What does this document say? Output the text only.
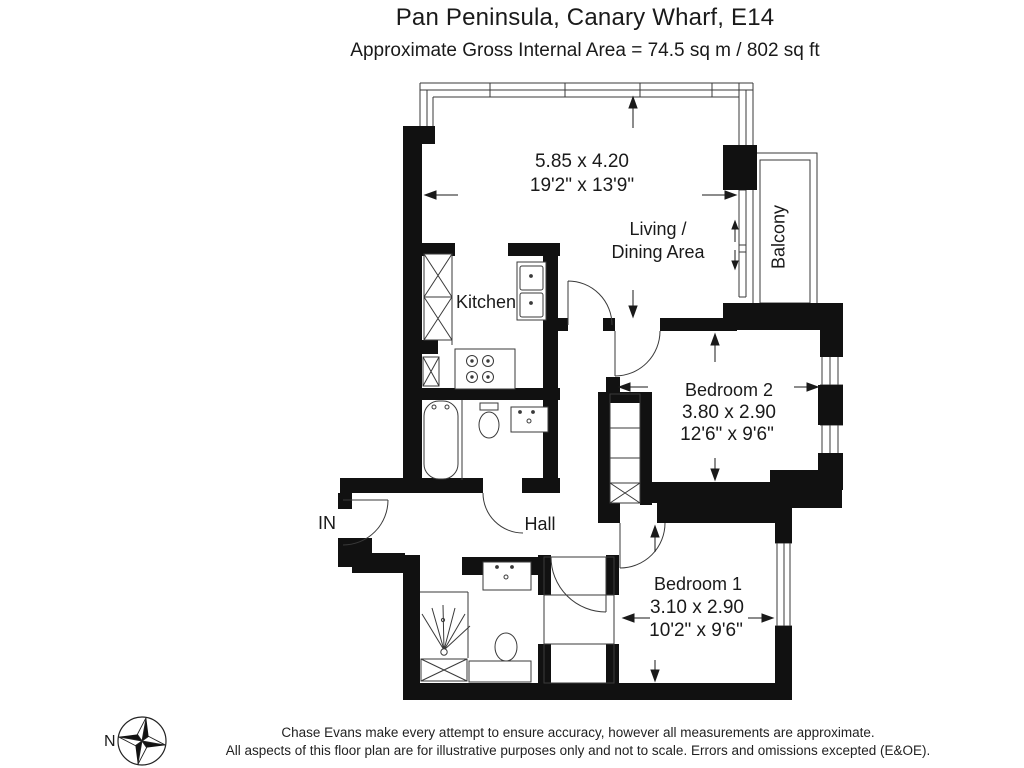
Pan Peninsula, Canary Wharf, E14
Approximate Gross Internal Area = 74.5 sq m / 802 sq ft
5.85 x 4.20
19'2" x 13'9"
Living /
Dining Area	Balcony
Kitchen
Bedroom 2
3.80 x 2.90
12'6" x 9'6"
Hall
IN
Bedroom 1
3.10 x 2.90
10'2" x 9'6"
N
Chase Evans make every attempt to ensure accuracy, however all measurements are approximate.
All aspects of this floor plan are for illustrative purposes only and not to scale. Errors and omissions excepted (E&OE).
